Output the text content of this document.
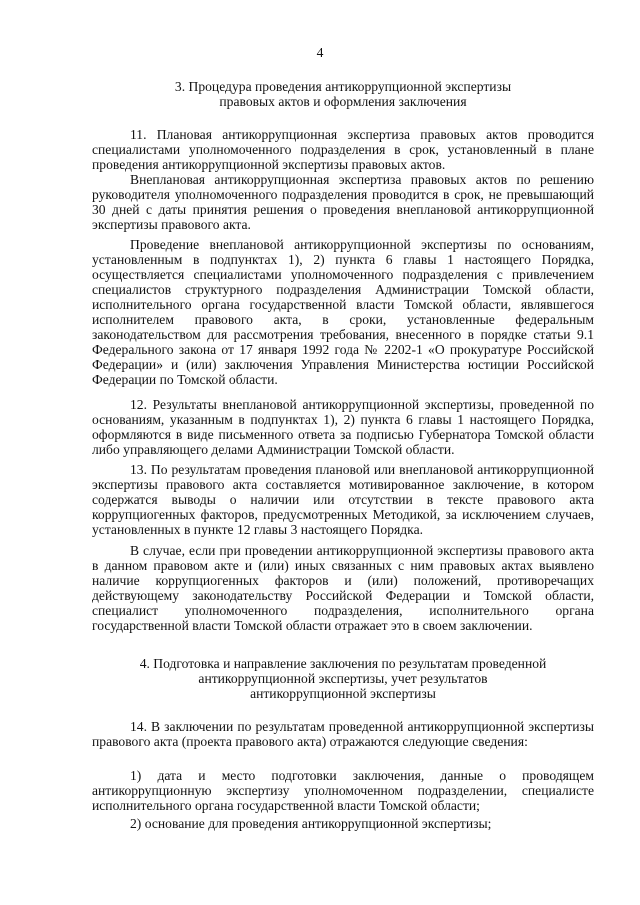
4
3. Процедура проведения антикоррупционной экспертизы
правовых актов и оформления заключения

11. Плановая антикоррупционная экспертиза правовых актов проводится специалистами уполномоченного подразделения в срок, установленный в плане проведения антикоррупционной экспертизы правовых актов.

Внеплановая антикоррупционная экспертиза правовых актов по решению руководителя уполномоченного подразделения проводится в срок, не превышающий 30 дней с даты принятия решения о проведения внеплановой антикоррупционной экспертизы правового акта.

Проведение внеплановой антикоррупционной экспертизы по основаниям, установленным в подпунктах 1), 2) пункта 6 главы 1 настоящего Порядка, осуществляется специалистами уполномоченного подразделения с привлечением специалистов структурного подразделения Администрации Томской области, исполнительного органа государственной власти Томской области, являвшегося исполнителем правового акта, в сроки, установленные федеральным законодательством для рассмотрения требования, внесенного в порядке статьи 9.1 Федерального закона от 17 января 1992 года № 2202-1 «О прокуратуре Российской Федерации» и (или) заключения Управления Министерства юстиции Российской Федерации по Томской области.

12. Результаты внеплановой антикоррупционной экспертизы, проведенной по основаниям, указанным в подпунктах 1), 2) пункта 6 главы 1 настоящего Порядка, оформляются в виде письменного ответа за подписью Губернатора Томской области либо управляющего делами Администрации Томской области.

13. По результатам проведения плановой или внеплановой антикоррупционной экспертизы правового акта составляется мотивированное заключение, в котором содержатся выводы о наличии или отсутствии в тексте правового акта коррупциогенных факторов, предусмотренных Методикой, за исключением случаев, установленных в пункте 12 главы 3 настоящего Порядка.

В случае, если при проведении антикоррупционной экспертизы правового акта в данном правовом акте и (или) иных связанных с ним правовых актах выявлено наличие коррупциогенных факторов и (или) положений, противоречащих действующему законодательству Российской Федерации и Томской области, специалист уполномоченного подразделения, исполнительного органа государственной власти Томской области отражает это в своем заключении.

4. Подготовка и направление заключения по результатам проведенной
антикоррупционной экспертизы, учет результатов
антикоррупционной экспертизы

14. В заключении по результатам проведенной антикоррупционной экспертизы правового акта (проекта правового акта) отражаются следующие сведения:

1) дата и место подготовки заключения, данные о проводящем антикоррупционную экспертизу уполномоченном подразделении, специалисте исполнительного органа государственной власти Томской области;

2) основание для проведения антикоррупционной экспертизы;
